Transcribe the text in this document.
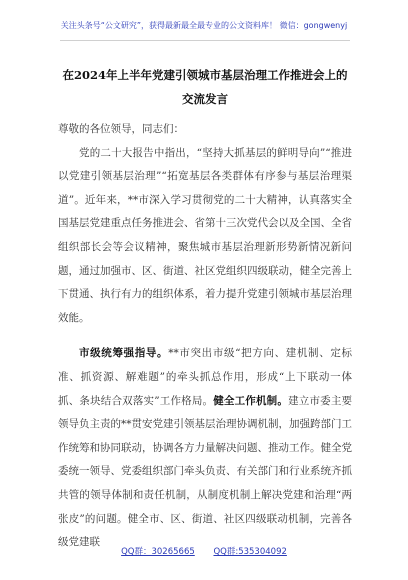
关注头条号“公文研究”，获得最新最全最专业的公文资料库！ 微信：gongwenyj
在2024年上半年党建引领城市基层治理工作推进会上的交流发言

尊敬的各位领导，同志们：

党的二十大报告中指出，“坚持大抓基层的鲜明导向”“推进以党建引领基层治理”“拓宽基层各类群体有序参与基层治理渠道”。近年来，**市深入学习贯彻党的二十大精神，认真落实全国基层党建重点任务推进会、省第十三次党代会以及全国、全省组织部长会等会议精神，聚焦城市基层治理新形势新情况新问题，通过加强市、区、街道、社区党组织四级联动，健全完善上下贯通、执行有力的组织体系，着力提升党建引领城市基层治理效能。

市级统筹强指导。**市突出市级“把方向、建机制、定标准、抓资源、解难题”的牵头抓总作用，形成“上下联动一体抓、条块结合双落实”工作格局。健全工作机制。建立市委主要领导负主责的**贯安党建引领基层治理协调机制，加强跨部门工作统筹和协同联动，协调各方力量解决问题、推动工作。健全党委统一领导、党委组织部门牵头负责、有关部门和行业系统齐抓共管的领导体制和责任机制，从制度机制上解决党建和治理“两张皮”的问题。健全市、区、街道、社区四级联动机制，完善各级党建联

QQ群：30265665 QQ群:535304092
